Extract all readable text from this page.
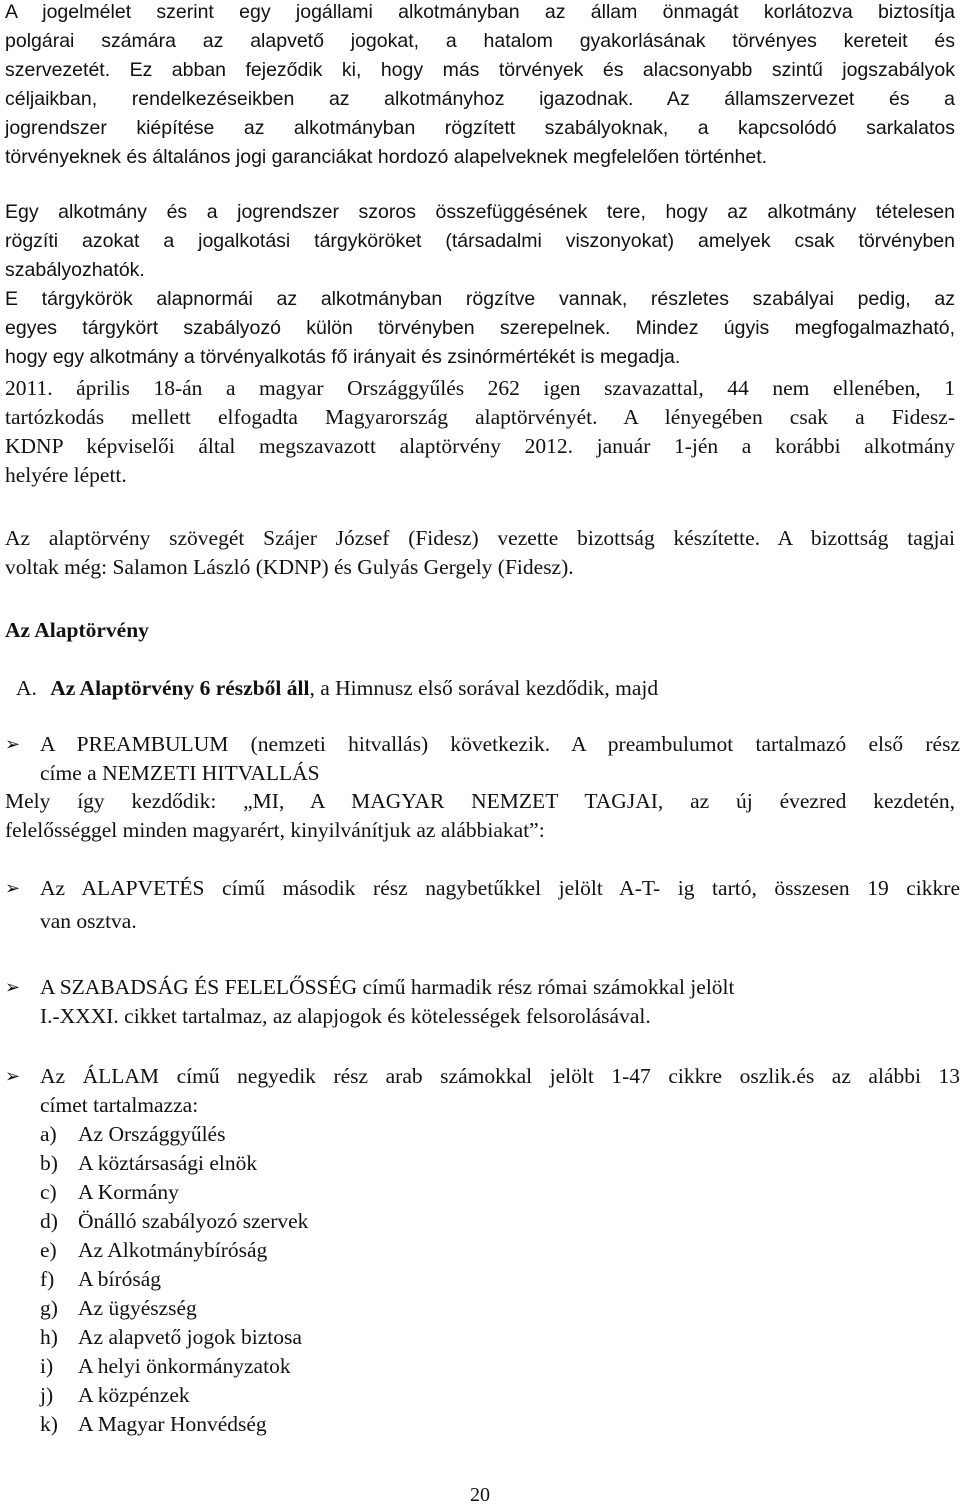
A jogelmélet szerint egy jogállami alkotmányban az állam önmagát korlátozva biztosítja
polgárai számára az alapvető jogokat, a hatalom gyakorlásának törvényes kereteit és
szervezetét. Ez abban fejeződik ki, hogy más törvények és alacsonyabb szintű jogszabályok
céljaikban, rendelkezéseikben az alkotmányhoz igazodnak. Az államszervezet és a
jogrendszer kiépítése az alkotmányban rögzített szabályoknak, a kapcsolódó sarkalatos
törvényeknek és általános jogi garanciákat hordozó alapelveknek megfelelően történhet.

Egy alkotmány és a jogrendszer szoros összefüggésének tere, hogy az alkotmány tételesen
rögzíti azokat a jogalkotási tárgyköröket (társadalmi viszonyokat) amelyek csak törvényben
szabályozhatók.

E tárgykörök alapnormái az alkotmányban rögzítve vannak, részletes szabályai pedig, az
egyes tárgykört szabályozó külön törvényben szerepelnek. Mindez úgyis megfogalmazható,
hogy egy alkotmány a törvényalkotás fő irányait és zsinórmértékét is megadja.

2011. április 18-án a magyar Országgyűlés 262 igen szavazattal, 44 nem ellenében, 1
tartózkodás mellett elfogadta Magyarország alaptörvényét. A lényegében csak a Fidesz-
KDNP képviselői által megszavazott alaptörvény 2012. január 1-jén a korábbi alkotmány
helyére lépett.

Az alaptörvény szövegét Szájer József (Fidesz) vezette bizottság készítette. A bizottság tagjai
voltak még: Salamon László (KDNP) és Gulyás Gergely (Fidesz).

Az Alaptörvény

A. Az Alaptörvény 6 részből áll, a Himnusz első sorával kezdődik, majd

➢ A PREAMBULUM (nemzeti hitvallás) következik. A preambulumot tartalmazó első rész
címe a NEMZETI HITVALLÁS

Mely így kezdődik: „MI, A MAGYAR NEMZET TAGJAI, az új évezred kezdetén,
felelősséggel minden magyarért, kinyilvánítjuk az alábbiakat”:

➢ Az ALAPVETÉS című második rész nagybetűkkel jelölt A-T- ig tartó, összesen 19 cikkre
van osztva.
➢ A SZABADSÁG ÉS FELELŐSSÉG című harmadik rész római számokkal jelölt
I.-XXXI. cikket tartalmaz, az alapjogok és kötelességek felsorolásával.
➢ Az ÁLLAM című negyedik rész arab számokkal jelölt 1-47 cikkre oszlik.és az alábbi 13
címet tartalmazza:
a) Az Országgyűlés
b) A köztársasági elnök
c) A Kormány
d) Önálló szabályozó szervek
e) Az Alkotmánybíróság
f)	A bíróság
g) Az ügyészség
h) Az alapvető jogok biztosa
i)	A helyi önkormányzatok
j)	A közpénzek
k) A Magyar Honvédség
20
